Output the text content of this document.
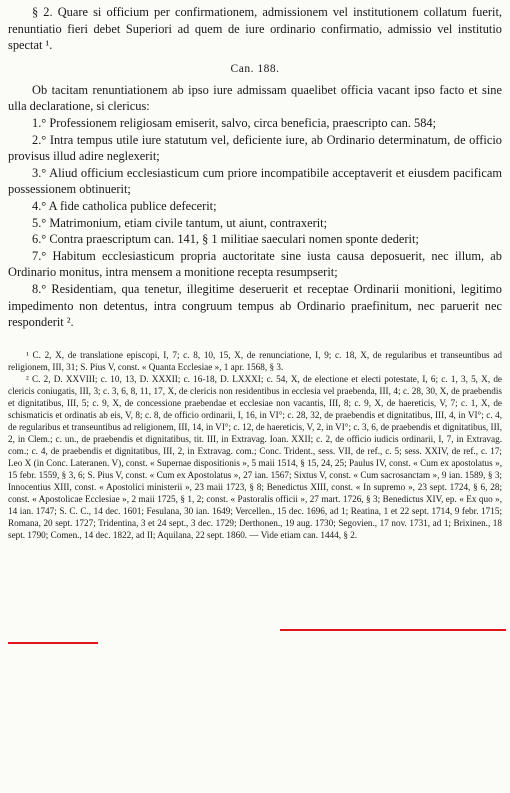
§ 2. Quare si officium per confirmationem, admissionem vel institutionem collatum fuerit, renuntiatio fieri debet Superiori ad quem de iure ordinario confirmatio, admissio vel institutio spectat ¹.

Can. 188.

Ob tacitam renuntiationem ab ipso iure admissam quaelibet officia vacant ipso facto et sine ulla declaratione, si clericus:

1.° Professionem religiosam emiserit, salvo, circa beneficia, praescripto can. 584;

2.° Intra tempus utile iure statutum vel, deficiente iure, ab Ordinario determinatum, de officio provisus illud adire neglexerit;

3.° Aliud officium ecclesiasticum cum priore incompatibile acceptaverit et eiusdem pacificam possessionem obtinuerit;

4.° A fide catholica publice defecerit;

5.° Matrimonium, etiam civile tantum, ut aiunt, contraxerit;

6.° Contra praescriptum can. 141, § 1 militiae saeculari nomen sponte dederit;

7.° Habitum ecclesiasticum propria auctoritate sine iusta causa deposuerit, nec illum, ab Ordinario monitus, intra mensem a monitione recepta resumpserit;

8.° Residentiam, qua tenetur, illegitime deseruerit et receptae Ordinarii monitioni, legitimo impedimento non detentus, intra congruum tempus ab Ordinario praefinitum, nec paruerit nec responderit ².

¹ C. 2, X, de translatione episcopi, I, 7; c. 8, 10, 15, X, de renunciatione, I, 9; c. 18, X, de regularibus et transeuntibus ad religionem, III, 31; S. Pius V, const. « Quanta Ecclesiae », 1 apr. 1568, § 3.

² C. 2, D. XXVIII; c. 10, 13, D. XXXII; c. 16-18, D. LXXXI; c. 54, X, de electione et electi potestate, I, 6; c. 1, 3, 5, X, de clericis coniugatis, III, 3; c. 3, 6, 8, 11, 17, X, de clericis non residentibus in ecclesia vel praebenda, III, 4; c. 28, 30, X, de praebendis et dignitatibus, III, 5; c. 9, X, de concessione praebendae et ecclesiae non vacantis, III, 8; c. 9, X, de haereticis, V, 7; c. 1, X, de schismaticis et ordinatis ab eis, V, 8; c. 8, de officio ordinarii, I, 16, in VI°; c. 28, 32, de praebendis et dignitatibus, III, 4, in VI°; c. 4, de regularibus et transeuntibus ad religionem, III, 14, in VI°; c. 12, de haereticis, V, 2, in VI°; c. 3, 6, de praebendis et dignitatibus, III, 2, in Clem.; c. un., de praebendis et dignitatibus, tit. III, in Extravag. Ioan. XXII; c. 2, de officio iudicis ordinarii, I, 7, in Extravag. com.; c. 4, de praebendis et dignitatibus, III, 2, in Extravag. com.; Conc. Trident., sess. VII, de ref., c. 5; sess. XXIV, de ref., c. 17; Leo X (in Conc. Lateranen. V), const. « Supernae dispositionis », 5 maii 1514, § 15, 24, 25; Paulus IV, const. « Cum ex apostolatus », 15 febr. 1559, § 3, 6; S. Pius V, const. « Cum ex Apostolatus », 27 ian. 1567; Sixtus V, const. « Cum sacrosanctam », 9 ian. 1589, § 3; Innocentius XIII, const. « Apostolici ministerii », 23 maii 1723, § 8; Benedictus XIII, const. « In supremo », 23 sept. 1724, § 6, 28; const. « Apostolicae Ecclesiae », 2 maii 1725, § 1, 2; const. « Pastoralis officii », 27 mart. 1726, § 3; Benedictus XIV, ep. « Ex quo », 14 ian. 1747; S. C. C., 14 dec. 1601; Fesulana, 30 ian. 1649; Vercellen., 15 dec. 1696, ad 1; Reatina, 1 et 22 sept. 1714, 9 febr. 1715; Romana, 20 sept. 1727; Tridentina, 3 et 24 sept., 3 dec. 1729; Derthonen., 19 aug. 1730; Segovien., 17 nov. 1731, ad 1; Brixinen., 18 sept. 1790; Comen., 14 dec. 1822, ad II; Aquilana, 22 sept. 1860. — Vide etiam can. 1444, § 2.
